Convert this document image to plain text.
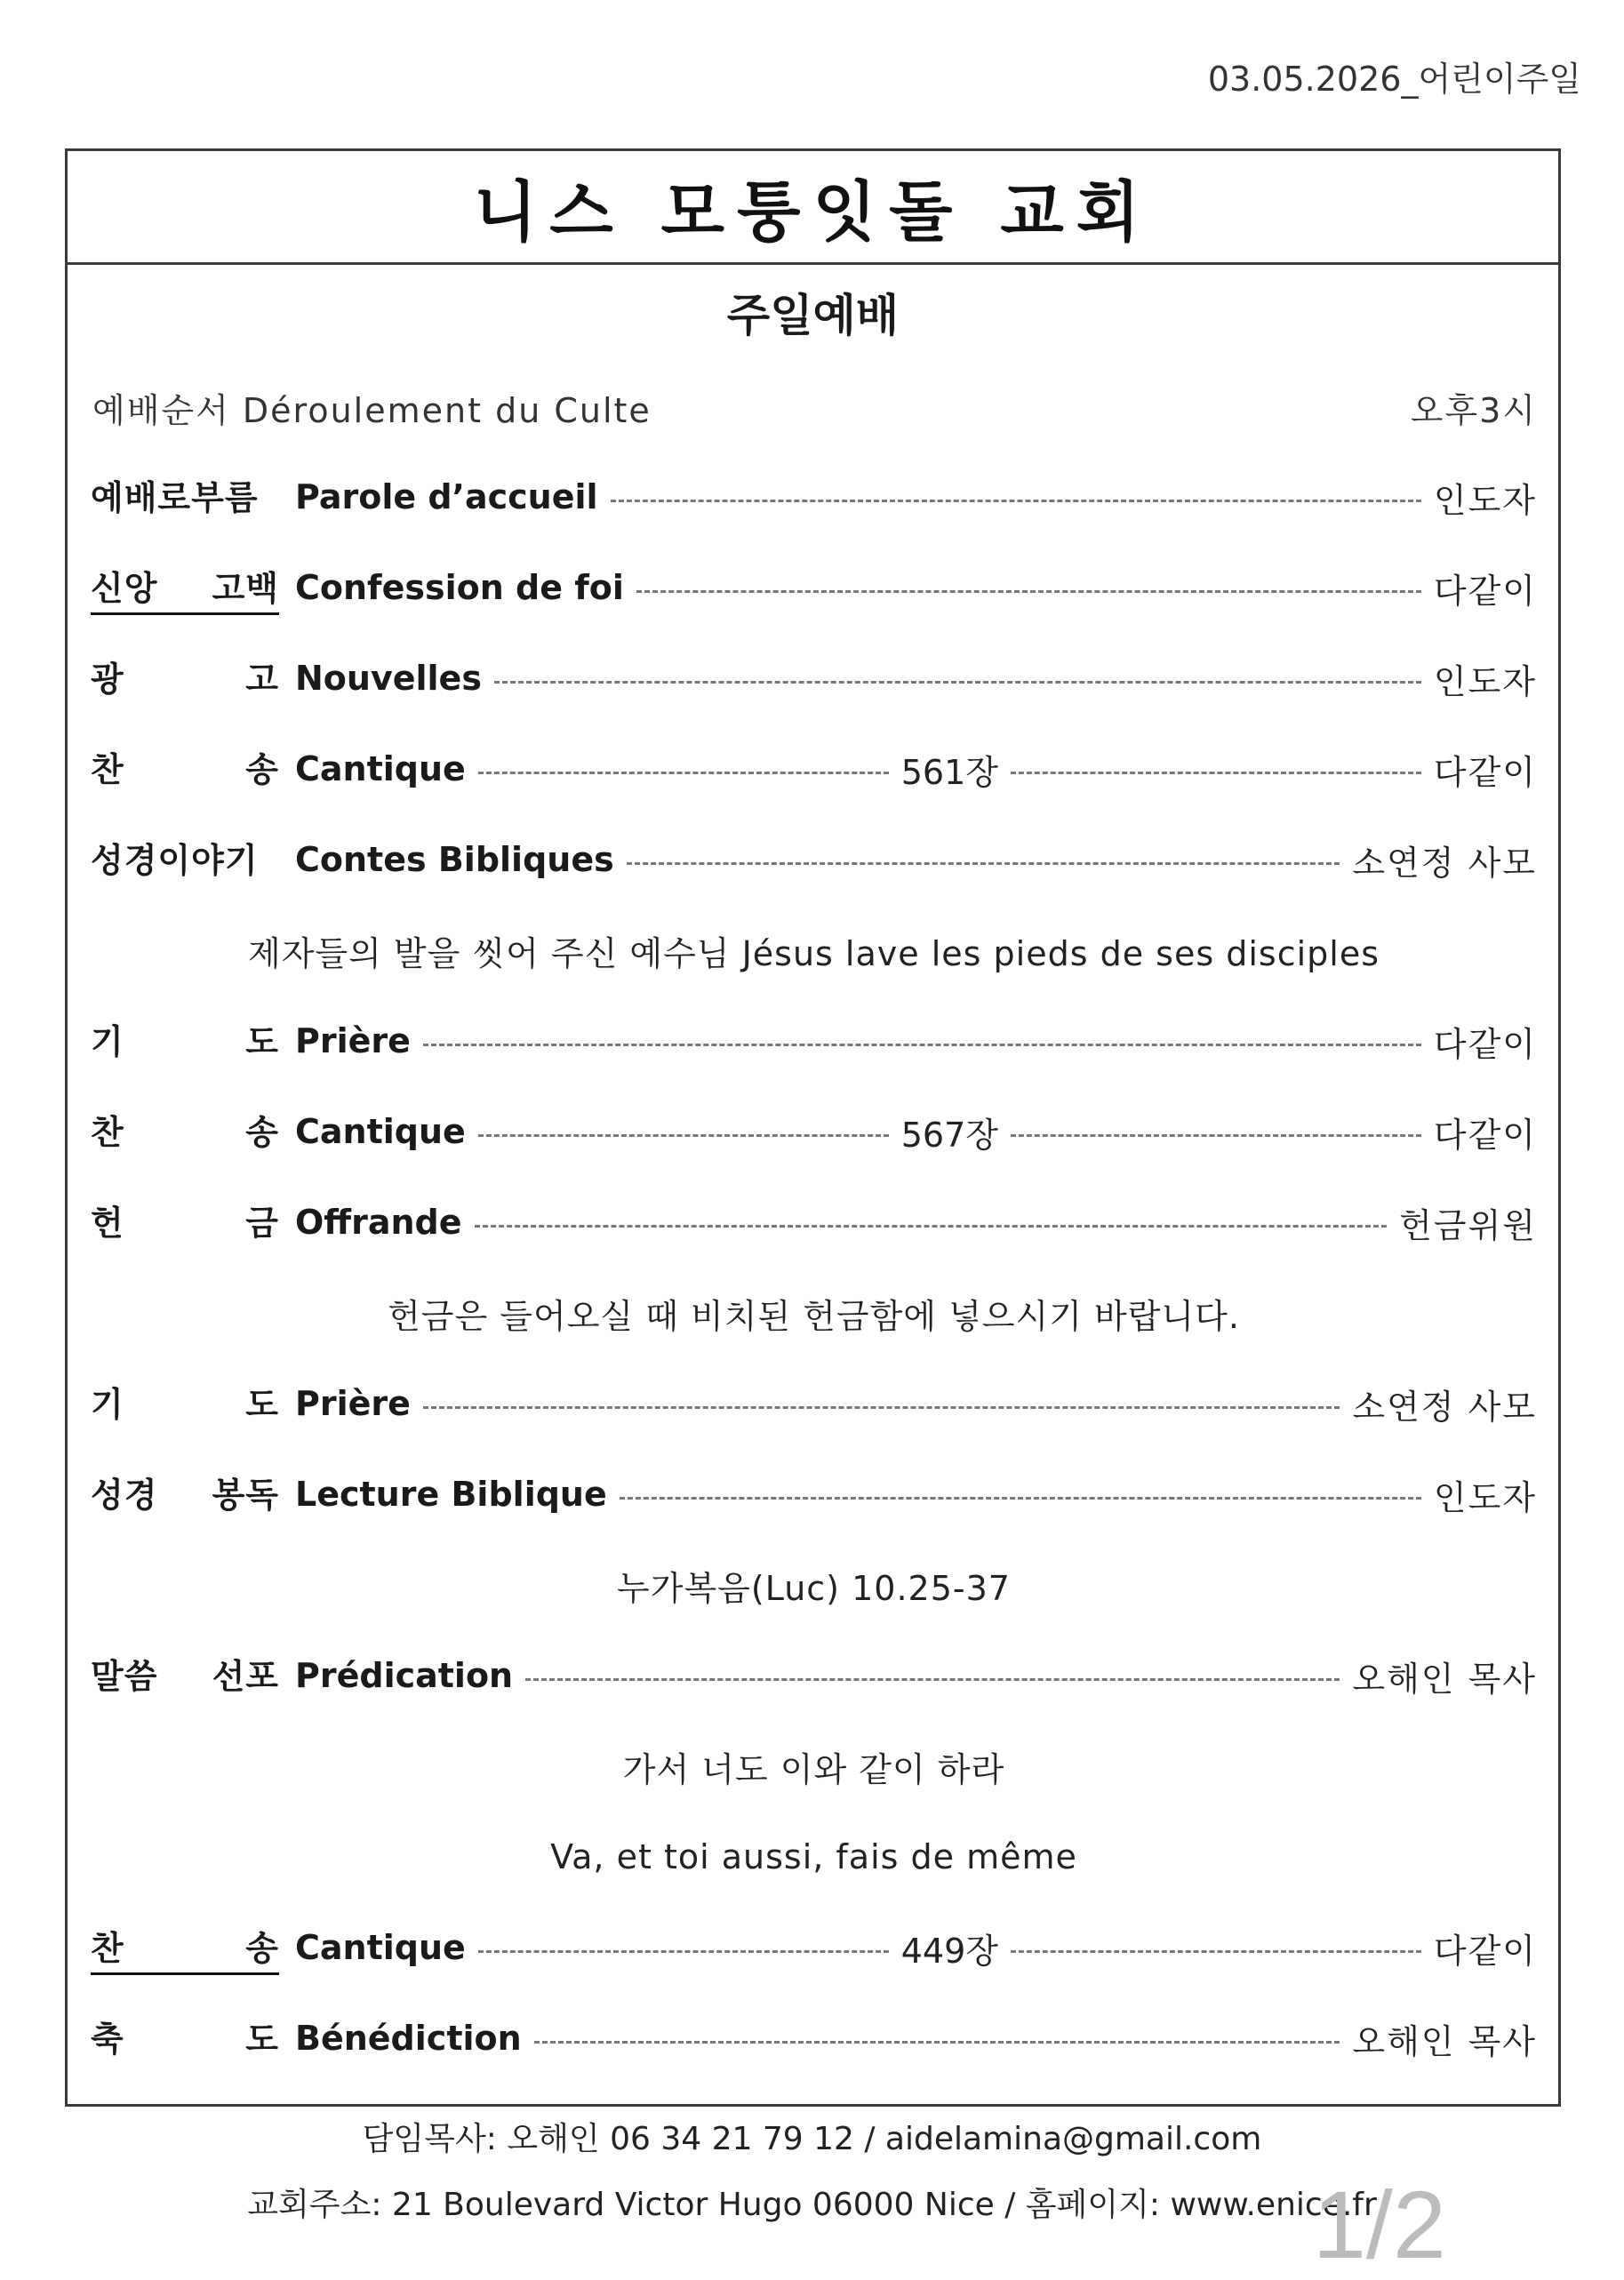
03.05.2026_어린이주일
니스 모퉁잇돌 교회
주일예배
예배순서 Déroulement du Culte	오후3시
예배로부름 Parole d’accueil	인도자
신앙 고백 Confession de foi	다같이
광	고 Nouvelles	인도자
찬	송 Cantique	561장	다같이
성경이야기 Contes Bibliques	소연정 사모
제자들의 발을 씻어 주신 예수님 Jésus lave les pieds de ses disciples
기	도 Prière	다같이
찬	송 Cantique	567장	다같이
헌	금 Offrande	헌금위원
헌금은 들어오실 때 비치된 헌금함에 넣으시기 바랍니다.
기	도 Prière	소연정 사모
성경 봉독 Lecture Biblique	인도자
누가복음(Luc) 10.25-37
말씀 선포 Prédication	오해인 목사
가서 너도 이와 같이 하라
Va, et toi aussi, fais de même
찬	송 Cantique	449장	다같이
축	도 Bénédiction	오해인 목사
담임목사: 오해인 06 34 21 79 12 / aidelamina@gmail.com
교회주소: 21 Boulevard Victor Hugo 06000 Nice / 홈페이지: www.enice.fr
1/2
